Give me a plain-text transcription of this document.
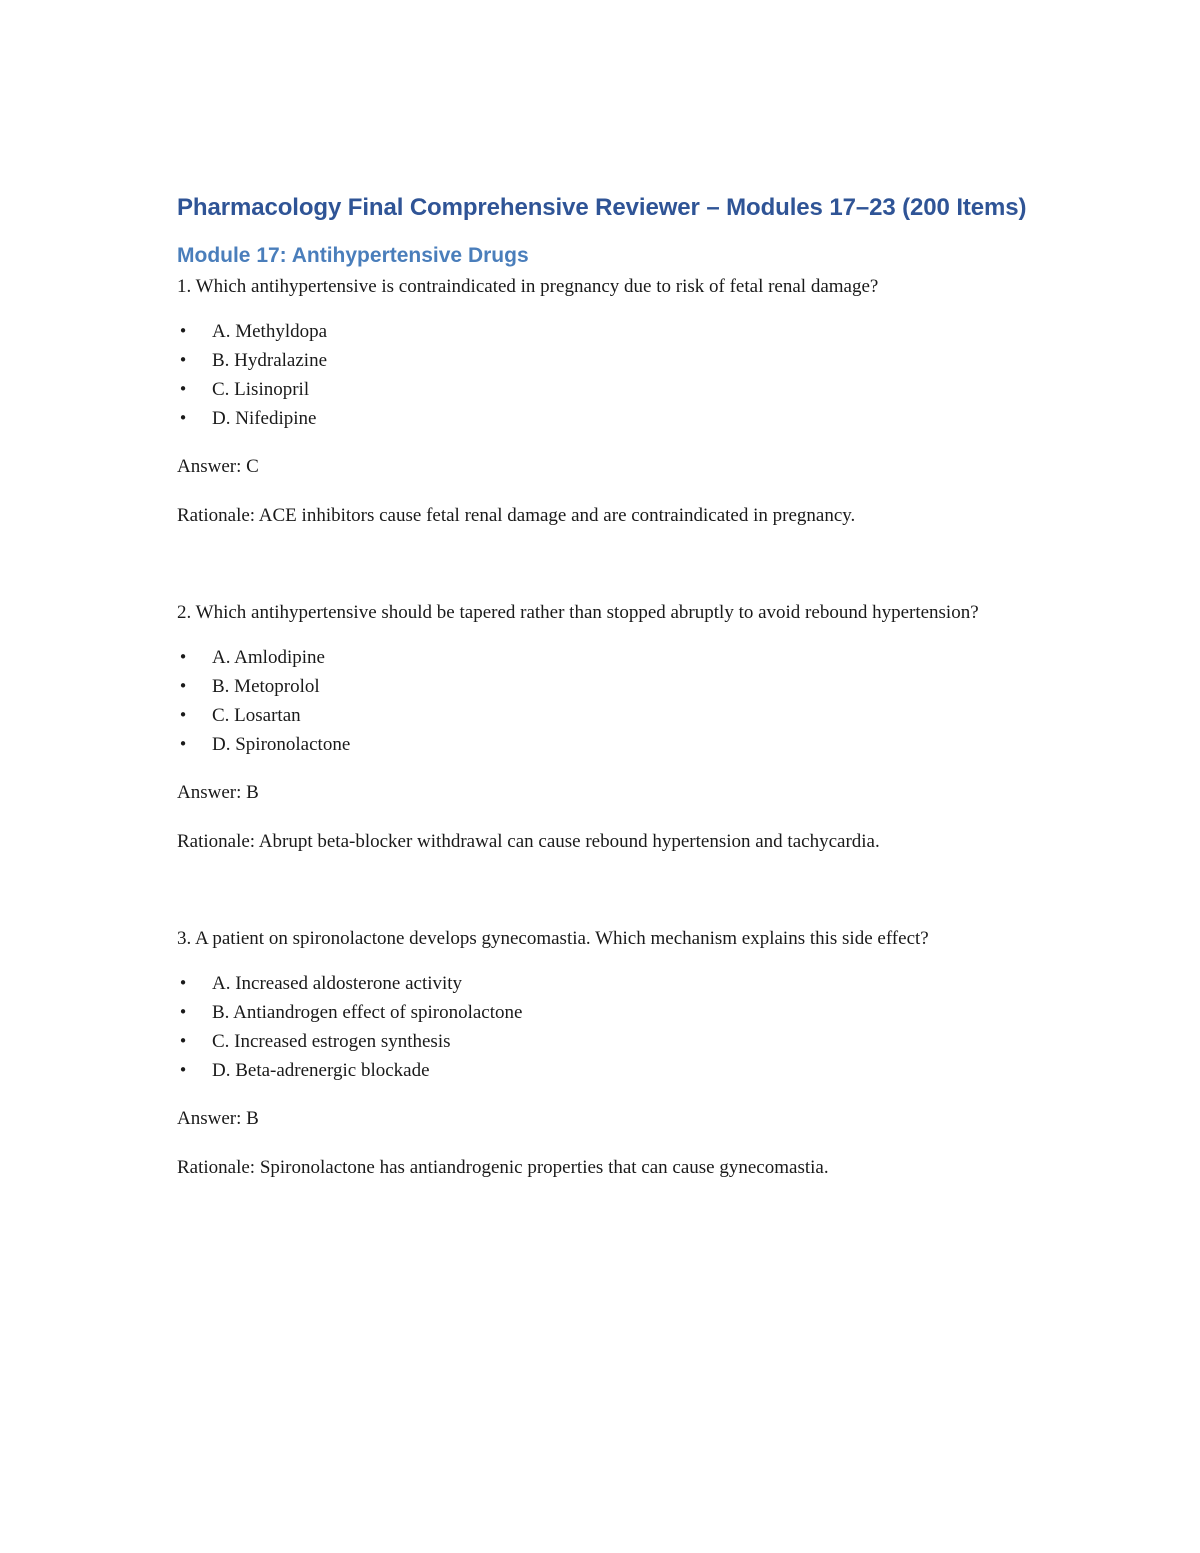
Pharmacology Final Comprehensive Reviewer – Modules 17–23 (200 Items)
Module 17: Antihypertensive Drugs

1. Which antihypertensive is contraindicated in pregnancy due to risk of fetal renal damage?

• A. Methyldopa
• B. Hydralazine
• C. Lisinopril
• D. Nifedipine

Answer: C

Rationale: ACE inhibitors cause fetal renal damage and are contraindicated in pregnancy.

2. Which antihypertensive should be tapered rather than stopped abruptly to avoid rebound hypertension?

• A. Amlodipine
• B. Metoprolol
• C. Losartan
• D. Spironolactone

Answer: B

Rationale: Abrupt beta-blocker withdrawal can cause rebound hypertension and tachycardia.

3. A patient on spironolactone develops gynecomastia. Which mechanism explains this side effect?

• A. Increased aldosterone activity
• B. Antiandrogen effect of spironolactone
• C. Increased estrogen synthesis
• D. Beta-adrenergic blockade

Answer: B

Rationale: Spironolactone has antiandrogenic properties that can cause gynecomastia.
